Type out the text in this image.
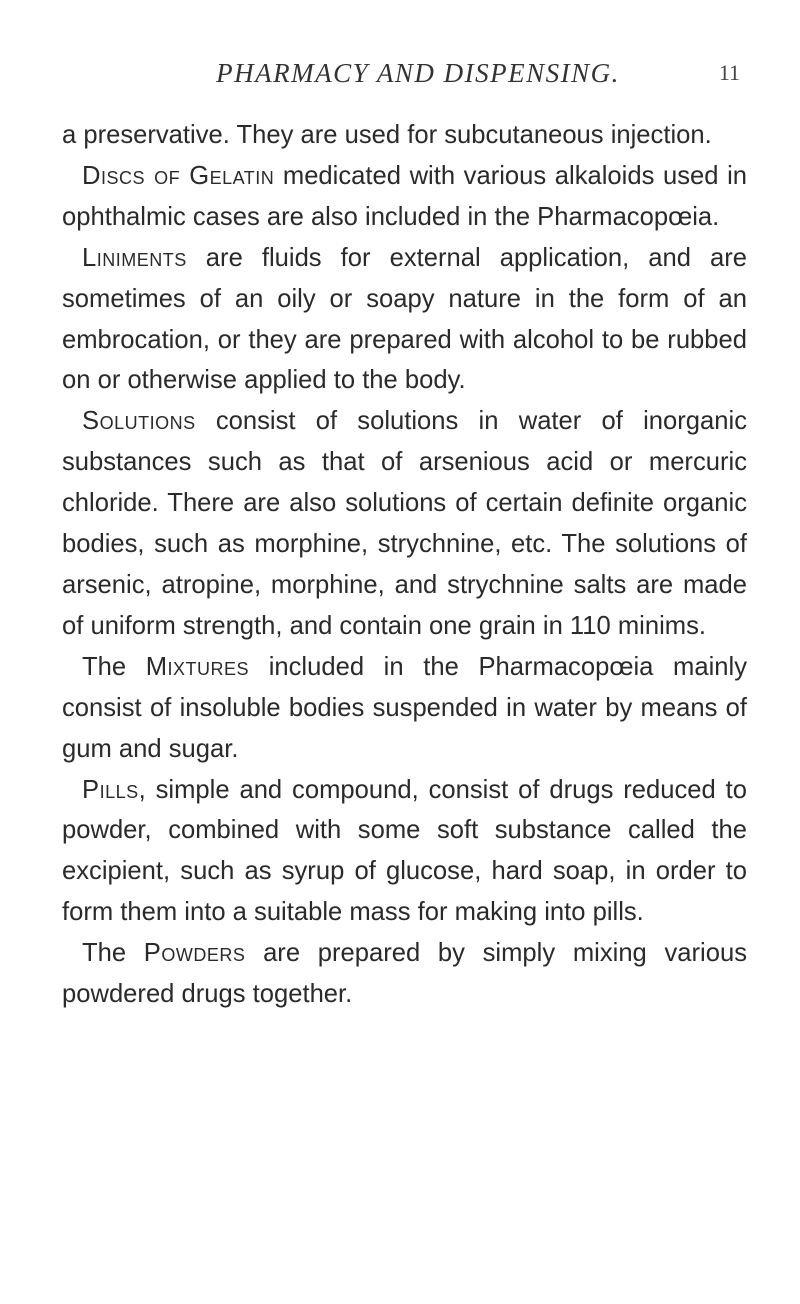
PHARMACY AND DISPENSING.	11

a preservative. They are used for subcutaneous injection.

Discs of Gelatin medicated with various alkaloids used in ophthalmic cases are also included in the Pharmacopœia.

Liniments are fluids for external application, and are sometimes of an oily or soapy nature in the form of an embrocation, or they are prepared with alcohol to be rubbed on or otherwise applied to the body.

Solutions consist of solutions in water of inorganic substances such as that of arsenious acid or mercuric chloride. There are also solutions of certain definite organic bodies, such as morphine, strychnine, etc. The solutions of arsenic, atropine, morphine, and strychnine salts are made of uniform strength, and contain one grain in 110 minims.

The Mixtures included in the Pharmacopœia mainly consist of insoluble bodies suspended in water by means of gum and sugar.

Pills, simple and compound, consist of drugs reduced to powder, combined with some soft substance called the excipient, such as syrup of glucose, hard soap, in order to form them into a suitable mass for making into pills.

The Powders are prepared by simply mixing various powdered drugs together.
